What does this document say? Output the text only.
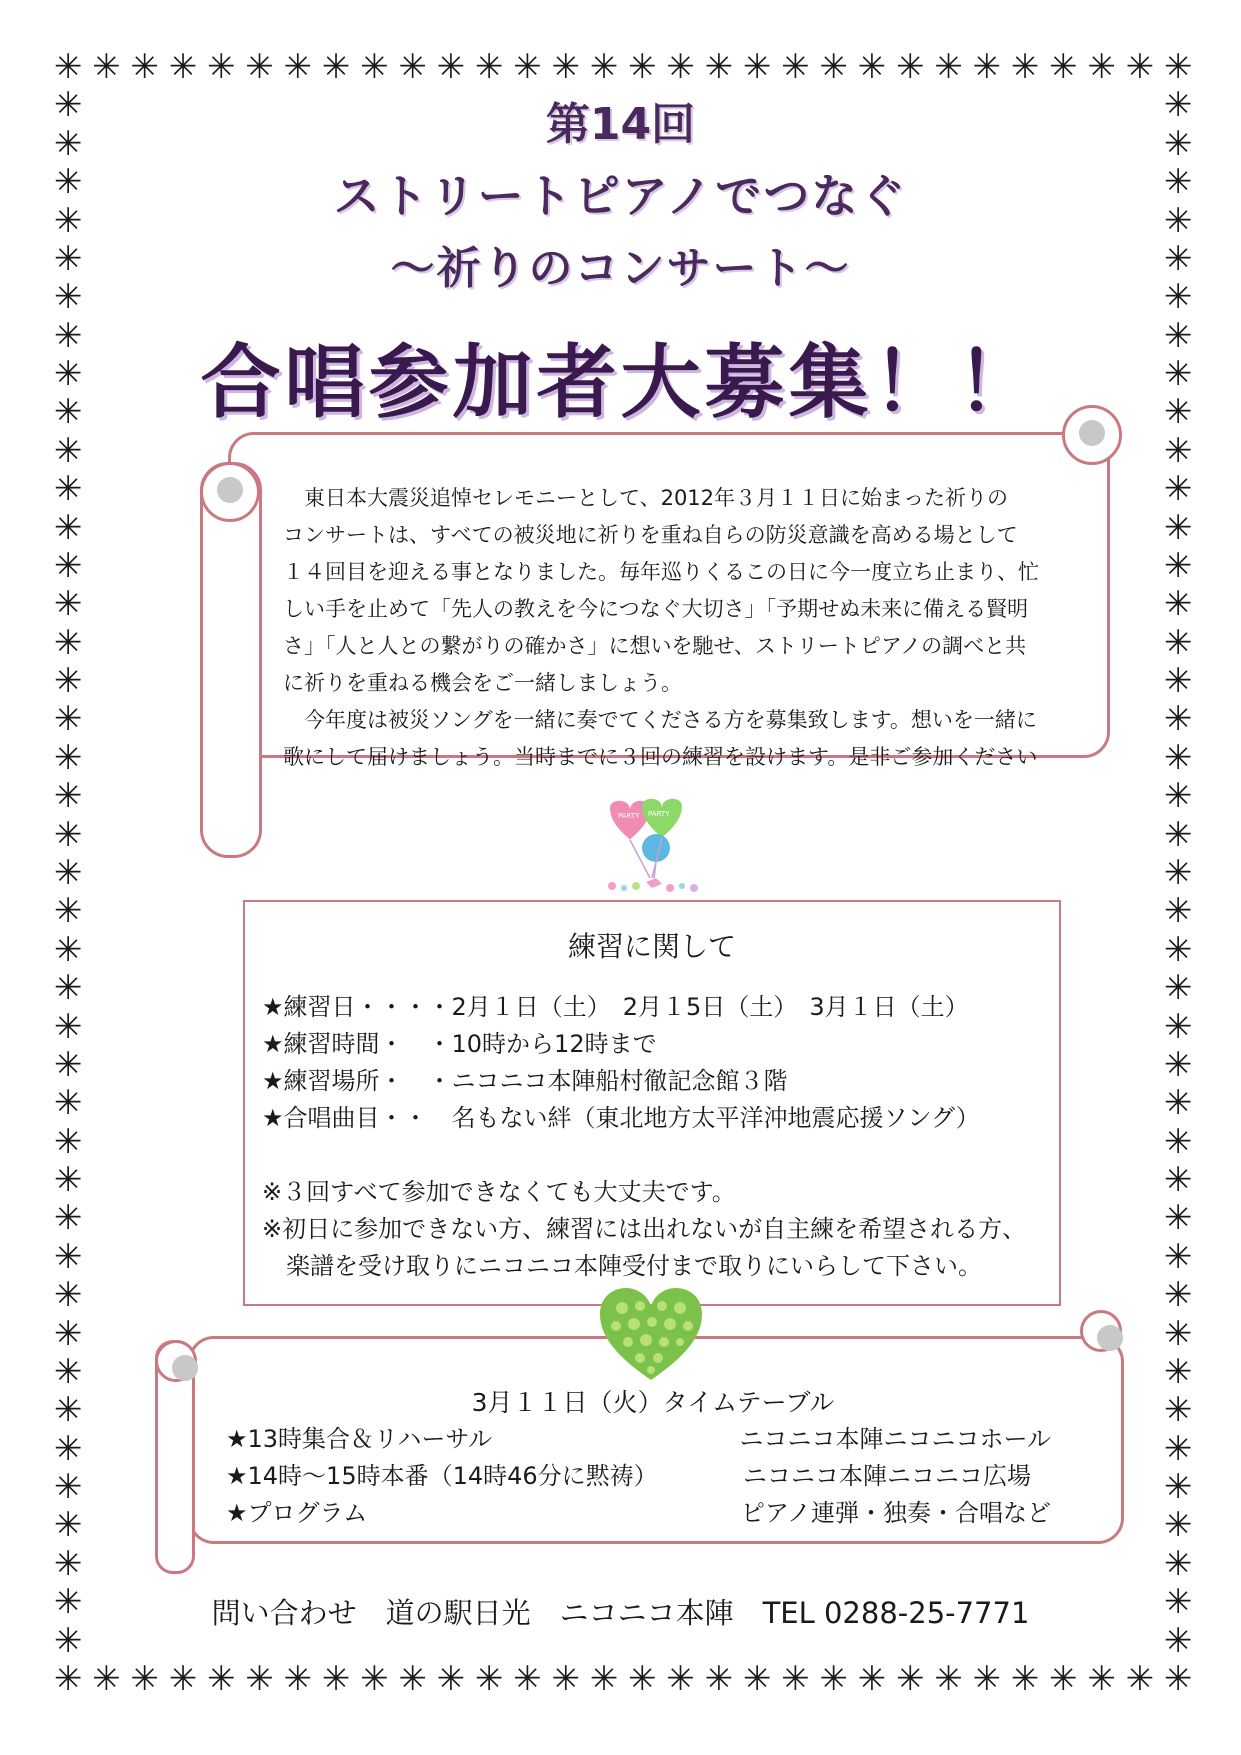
✳
✳
✳
✳
✳
✳
✳
✳
✳
✳
✳
✳
✳
✳
✳
✳
✳
✳
✳
✳
✳
✳
✳
✳
✳
✳
✳
✳
✳
✳
✳
✳
✳
✳
✳
✳
✳
✳
✳
✳
✳
✳
✳
✳
✳
✳
✳
✳
✳
✳
✳
✳
✳
✳
✳
✳
✳
✳
✳
✳
✳	✳
✳	✳
✳	✳
✳	✳
✳	✳
✳	✳
✳	✳
✳	✳
✳	✳
✳	✳
✳	✳
✳	✳
✳	✳
✳	✳
✳	✳
✳	✳
✳	✳
✳	✳
✳	✳
✳	✳
✳	✳
✳	✳
✳	✳
✳	✳
✳	✳
✳	✳
✳	✳
✳	✳
✳	✳
✳	✳
✳	✳
✳	✳
✳	✳
✳	✳
✳	✳
✳	✳
✳	✳
✳	✳
✳	✳
✳	✳
✳	✳
第14回
ストリートピアノでつなぐ
～祈りのコンサート～
合唱参加者大募集！！
　東日本大震災追悼セレモニーとして、2012年３月１１日に始まった祈りの
コンサートは、すべての被災地に祈りを重ね自らの防災意識を高める場として
１４回目を迎える事となりました。毎年巡りくるこの日に今一度立ち止まり、忙
しい手を止めて「先人の教えを今につなぐ大切さ」「予期せぬ未来に備える賢明
さ」「人と人との繋がりの確かさ」に想いを馳せ、ストリートピアノの調べと共
に祈りを重ねる機会をご一緒しましょう。
　今年度は被災ソングを一緒に奏でてくださる方を募集致します。想いを一緒に
歌にして届けましょう。当時までに３回の練習を設けます。是非ご参加ください
PARTY PARTY
練習に関して
★練習日・・・・2月１日（土）　2月１5日（土）　3月１日（土）
★練習時間・　・10時から12時まで
★練習場所・　・ニコニコ本陣船村徹記念館３階
★合唱曲目・・　名もない絆（東北地方太平洋沖地震応援ソング）
※３回すべて参加できなくても大丈夫です。
※初日に参加できない方、練習には出れないが自主練を希望される方、
　楽譜を受け取りにニコニコ本陣受付まで取りにいらして下さい。
3月１１日（火）タイムテーブル
★13時集合＆リハーサル	ニコニコ本陣ニコニコホール
★14時～15時本番（14時46分に黙祷）	ニコニコ本陣ニコニコ広場
★プログラム	ピアノ連弾・独奏・合唱など
問い合わせ　道の駅日光　ニコニコ本陣　TEL 0288-25-7771
